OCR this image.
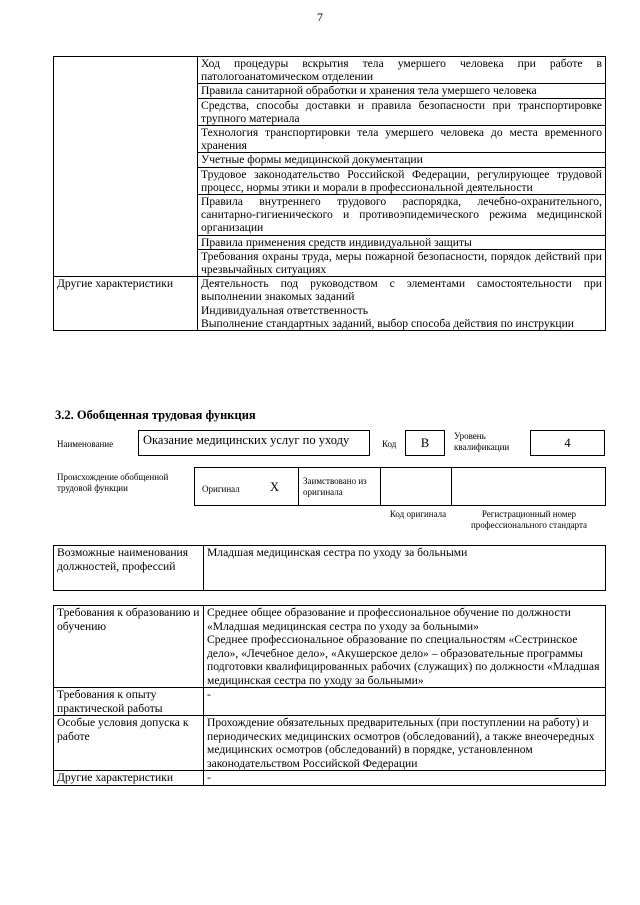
7
	Ход процедуры вскрытия тела умершего человека при работе в патологоанатомическом отделении
	Правила санитарной обработки и хранения тела умершего человека
	Средства, способы доставки и правила безопасности при транспортировке трупного материала
	Технология транспортировки тела умершего человека до места временного хранения
	Учетные формы медицинской документации
	Трудовое законодательство Российской Федерации, регулирующее трудовой процесс, нормы этики и морали в профессиональной деятельности
	Правила внутреннего трудового распорядка, лечебно-охранительного, санитарно-гигиенического и противоэпидемического режима медицинской организации
	Правила применения средств индивидуальной защиты
	Требования охраны труда, меры пожарной безопасности, порядок действий при чрезвычайных ситуациях
Другие характеристики	Деятельность под руководством с элементами самостоятельности при выполнении знакомых заданий
Индивидуальная ответственность
Выполнение стандартных заданий, выбор способа действия по инструкции
3.2. Обобщенная трудовая функция
Наименование	Оказание медицинских услуг по уходу	Код	В	Уровень квалификации	4
Происхождение обобщенной трудовой функции	Оригинал	X	Заимствовано из оригинала
Код оригинала	Регистрационный номер профессионального стандарта
Возможные наименования должностей, профессий	Младшая медицинская сестра по уходу за больными
Требования к образованию и обучению	Среднее общее образование и профессиональное обучение по должности «Младшая медицинская сестра по уходу за больными»
Среднее профессиональное образование по специальностям «Сестринское дело», «Лечебное дело», «Акушерское дело» – образовательные программы подготовки квалифицированных рабочих (служащих) по должности «Младшая медицинская сестра по уходу за больными»

Требования к опыту практической работы	-
Особые условия допуска к работе	Прохождение обязательных предварительных (при поступлении на работу) и периодических медицинских осмотров (обследований), а также внеочередных медицинских осмотров (обследований) в порядке, установленном законодательством Российской Федерации
Другие характеристики	-
